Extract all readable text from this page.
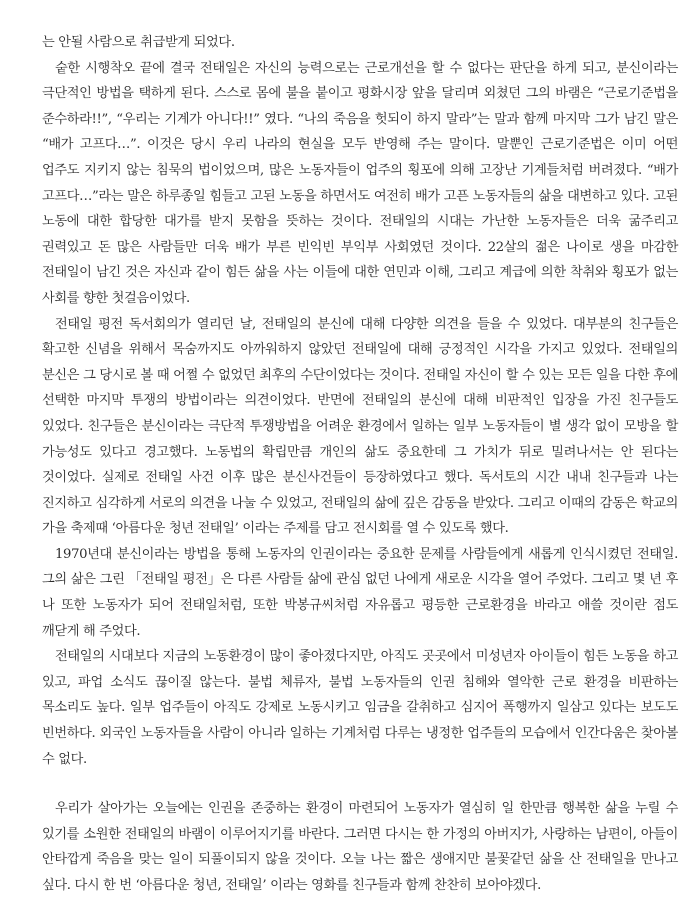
는 안될 사람으로 취급받게 되었다.

숱한 시행착오 끝에 결국 전태일은 자신의 능력으로는 근로개선을 할 수 없다는 판단을 하게 되고, 분신이라는 극단적인 방법을 택하게 된다. 스스로 몸에 불을 붙이고 평화시장 앞을 달리며 외쳤던 그의 바램은 “근로기준법을 준수하라!!”, “우리는 기계가 아니다!!” 였다. “나의 죽음을 헛되이 하지 말라”는 말과 함께 마지막 그가 남긴 말은 “배가 고프다…”. 이것은 당시 우리 나라의 현실을 모두 반영해 주는 말이다. 말뿐인 근로기준법은 이미 어떤 업주도 지키지 않는 침묵의 법이었으며, 많은 노동자들이 업주의 횡포에 의해 고장난 기계들처럼 버려졌다. “배가 고프다…”라는 말은 하루종일 힘들고 고된 노동을 하면서도 여전히 배가 고픈 노동자들의 삶을 대변하고 있다. 고된 노동에 대한 합당한 대가를 받지 못함을 뜻하는 것이다. 전태일의 시대는 가난한 노동자들은 더욱 굶주리고 권력있고 돈 많은 사람들만 더욱 배가 부른 빈익빈 부익부 사회였던 것이다. 22살의 젊은 나이로 생을 마감한 전태일이 남긴 것은 자신과 같이 힘든 삶을 사는 이들에 대한 연민과 이해, 그리고 계급에 의한 착취와 횡포가 없는 사회를 향한 첫걸음이었다.

전태일 평전 독서회의가 열리던 날, 전태일의 분신에 대해 다양한 의견을 들을 수 있었다. 대부분의 친구들은 확고한 신념을 위해서 목숨까지도 아까워하지 않았던 전태일에 대해 긍정적인 시각을 가지고 있었다. 전태일의 분신은 그 당시로 볼 때 어쩔 수 없었던 최후의 수단이었다는 것이다. 전태일 자신이 할 수 있는 모든 일을 다한 후에 선택한 마지막 투쟁의 방법이라는 의견이었다. 반면에 전태일의 분신에 대해 비판적인 입장을 가진 친구들도 있었다. 친구들은 분신이라는 극단적 투쟁방법을 어려운 환경에서 일하는 일부 노동자들이 별 생각 없이 모방을 할 가능성도 있다고 경고했다. 노동법의 확립만큼 개인의 삶도 중요한데 그 가치가 뒤로 밀려나서는 안 된다는 것이었다. 실제로 전태일 사건 이후 많은 분신사건들이 등장하였다고 했다. 독서토의 시간 내내 친구들과 나는 진지하고 심각하게 서로의 의견을 나눌 수 있었고, 전태일의 삶에 깊은 감동을 받았다. 그리고 이때의 감동은 학교의 가을 축제때 ‘아름다운 청년 전태일’ 이라는 주제를 담고 전시회를 열 수 있도록 했다.

1970년대 분신이라는 방법을 통해 노동자의 인권이라는 중요한 문제를 사람들에게 새롭게 인식시켰던 전태일. 그의 삶은 그린 「전태일 평전」은 다른 사람들 삶에 관심 없던 나에게 새로운 시각을 열어 주었다. 그리고 몇 년 후 나 또한 노동자가 되어 전태일처럼, 또한 박봉규씨처럼 자유롭고 평등한 근로환경을 바라고 애쓸 것이란 점도 깨닫게 해 주었다.

전태일의 시대보다 지금의 노동환경이 많이 좋아졌다지만, 아직도 곳곳에서 미성년자 아이들이 힘든 노동을 하고 있고, 파업 소식도 끊이질 않는다. 불법 체류자, 불법 노동자들의 인권 침해와 열악한 근로 환경을 비판하는 목소리도 높다. 일부 업주들이 아직도 강제로 노동시키고 임금을 갈취하고 심지어 폭행까지 일삼고 있다는 보도도 빈번하다. 외국인 노동자들을 사람이 아니라 일하는 기계처럼 다루는 냉정한 업주들의 모습에서 인간다움은 찾아볼 수 없다.

우리가 살아가는 오늘에는 인권을 존중하는 환경이 마련되어 노동자가 열심히 일 한만큼 행복한 삶을 누릴 수 있기를 소원한 전태일의 바램이 이루어지기를 바란다. 그러면 다시는 한 가정의 아버지가, 사랑하는 남편이, 아들이 안타깝게 죽음을 맞는 일이 되풀이되지 않을 것이다. 오늘 나는 짧은 생애지만 불꽃같던 삶을 산 전태일을 만나고 싶다. 다시 한 번 ‘아름다운 청년, 전태일’ 이라는 영화를 친구들과 함께 찬찬히 보아야겠다.
